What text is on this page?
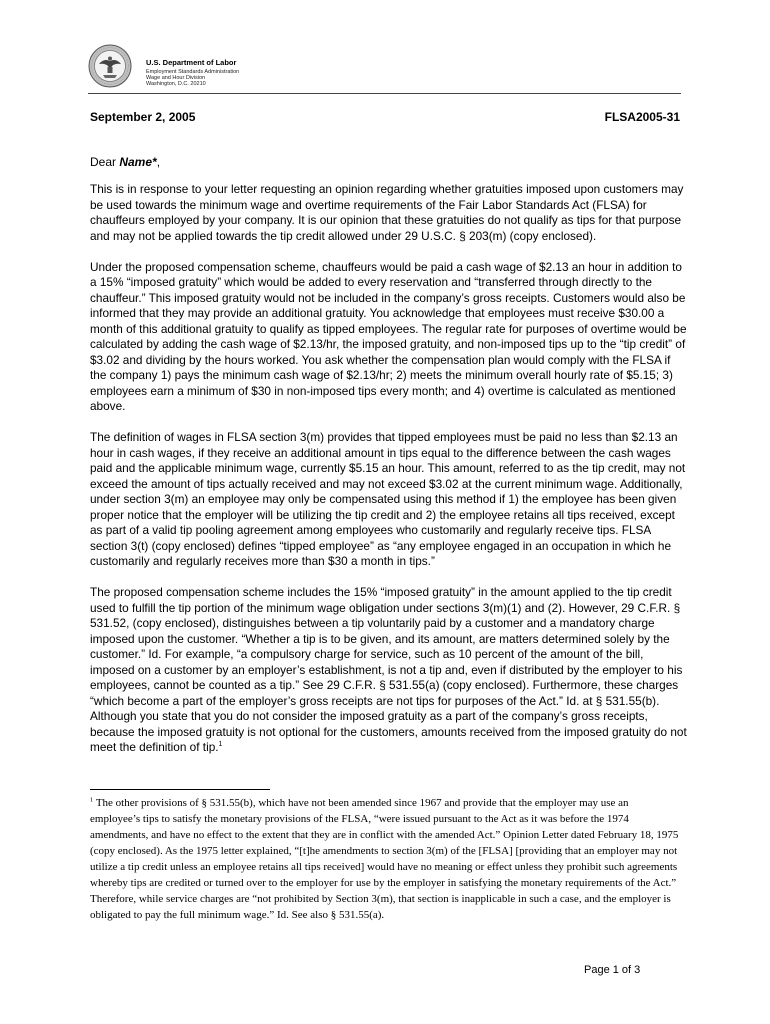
U.S. Department of Labor
Employment Standards Administration
Wage and Hour Division
Washington, D.C. 20210
September 2, 2005	FLSA2005-31
Dear Name*,

This is in response to your letter requesting an opinion regarding whether gratuities imposed upon customers may be used towards the minimum wage and overtime requirements of the Fair Labor Standards Act (FLSA) for chauffeurs employed by your company. It is our opinion that these gratuities do not qualify as tips for that purpose and may not be applied towards the tip credit allowed under 29 U.S.C. § 203(m) (copy enclosed).

Under the proposed compensation scheme, chauffeurs would be paid a cash wage of $2.13 an hour in addition to a 15% “imposed gratuity” which would be added to every reservation and “transferred through directly to the chauffeur.” This imposed gratuity would not be included in the company’s gross receipts. Customers would also be informed that they may provide an additional gratuity. You acknowledge that employees must receive $30.00 a month of this additional gratuity to qualify as tipped employees. The regular rate for purposes of overtime would be calculated by adding the cash wage of $2.13/hr, the imposed gratuity, and non-imposed tips up to the “tip credit” of $3.02 and dividing by the hours worked. You ask whether the compensation plan would comply with the FLSA if the company 1) pays the minimum cash wage of $2.13/hr; 2) meets the minimum overall hourly rate of $5.15; 3) employees earn a minimum of $30 in non-imposed tips every month; and 4) overtime is calculated as mentioned above.

The definition of wages in FLSA section 3(m) provides that tipped employees must be paid no less than $2.13 an hour in cash wages, if they receive an additional amount in tips equal to the difference between the cash wages paid and the applicable minimum wage, currently $5.15 an hour. This amount, referred to as the tip credit, may not exceed the amount of tips actually received and may not exceed $3.02 at the current minimum wage. Additionally, under section 3(m) an employee may only be compensated using this method if 1) the employee has been given proper notice that the employer will be utilizing the tip credit and 2) the employee retains all tips received, except as part of a valid tip pooling agreement among employees who customarily and regularly receive tips. FLSA section 3(t) (copy enclosed) defines “tipped employee” as “any employee engaged in an occupation in which he customarily and regularly receives more than $30 a month in tips.”

The proposed compensation scheme includes the 15% “imposed gratuity” in the amount applied to the tip credit used to fulfill the tip portion of the minimum wage obligation under sections 3(m)(1) and (2). However, 29 C.F.R. § 531.52, (copy enclosed), distinguishes between a tip voluntarily paid by a customer and a mandatory charge imposed upon the customer. “Whether a tip is to be given, and its amount, are matters determined solely by the customer.” Id. For example, “a compulsory charge for service, such as 10 percent of the amount of the bill, imposed on a customer by an employer’s establishment, is not a tip and, even if distributed by the employer to his employees, cannot be counted as a tip.” See 29 C.F.R. § 531.55(a) (copy enclosed). Furthermore, these charges “which become a part of the employer’s gross receipts are not tips for purposes of the Act.” Id. at § 531.55(b). Although you state that you do not consider the imposed gratuity as a part of the company’s gross receipts, because the imposed gratuity is not optional for the customers, amounts received from the imposed gratuity do not meet the definition of tip.$^1$

$^1$ The other provisions of § 531.55(b), which have not been amended since 1967 and provide that the employer may use an employee’s tips to satisfy the monetary provisions of the FLSA, “were issued pursuant to the Act as it was before the 1974 amendments, and have no effect to the extent that they are in conflict with the amended Act.” Opinion Letter dated February 18, 1975 (copy enclosed). As the 1975 letter explained, “[t]he amendments to section 3(m) of the [FLSA] [providing that an employer may not utilize a tip credit unless an employee retains all tips received] would have no meaning or effect unless they prohibit such agreements whereby tips are credited or turned over to the employer for use by the employer in satisfying the monetary requirements of the Act.” Therefore, while service charges are “not prohibited by Section 3(m), that section is inapplicable in such a case, and the employer is obligated to pay the full minimum wage.” Id. See also § 531.55(a).
Page 1 of 3
